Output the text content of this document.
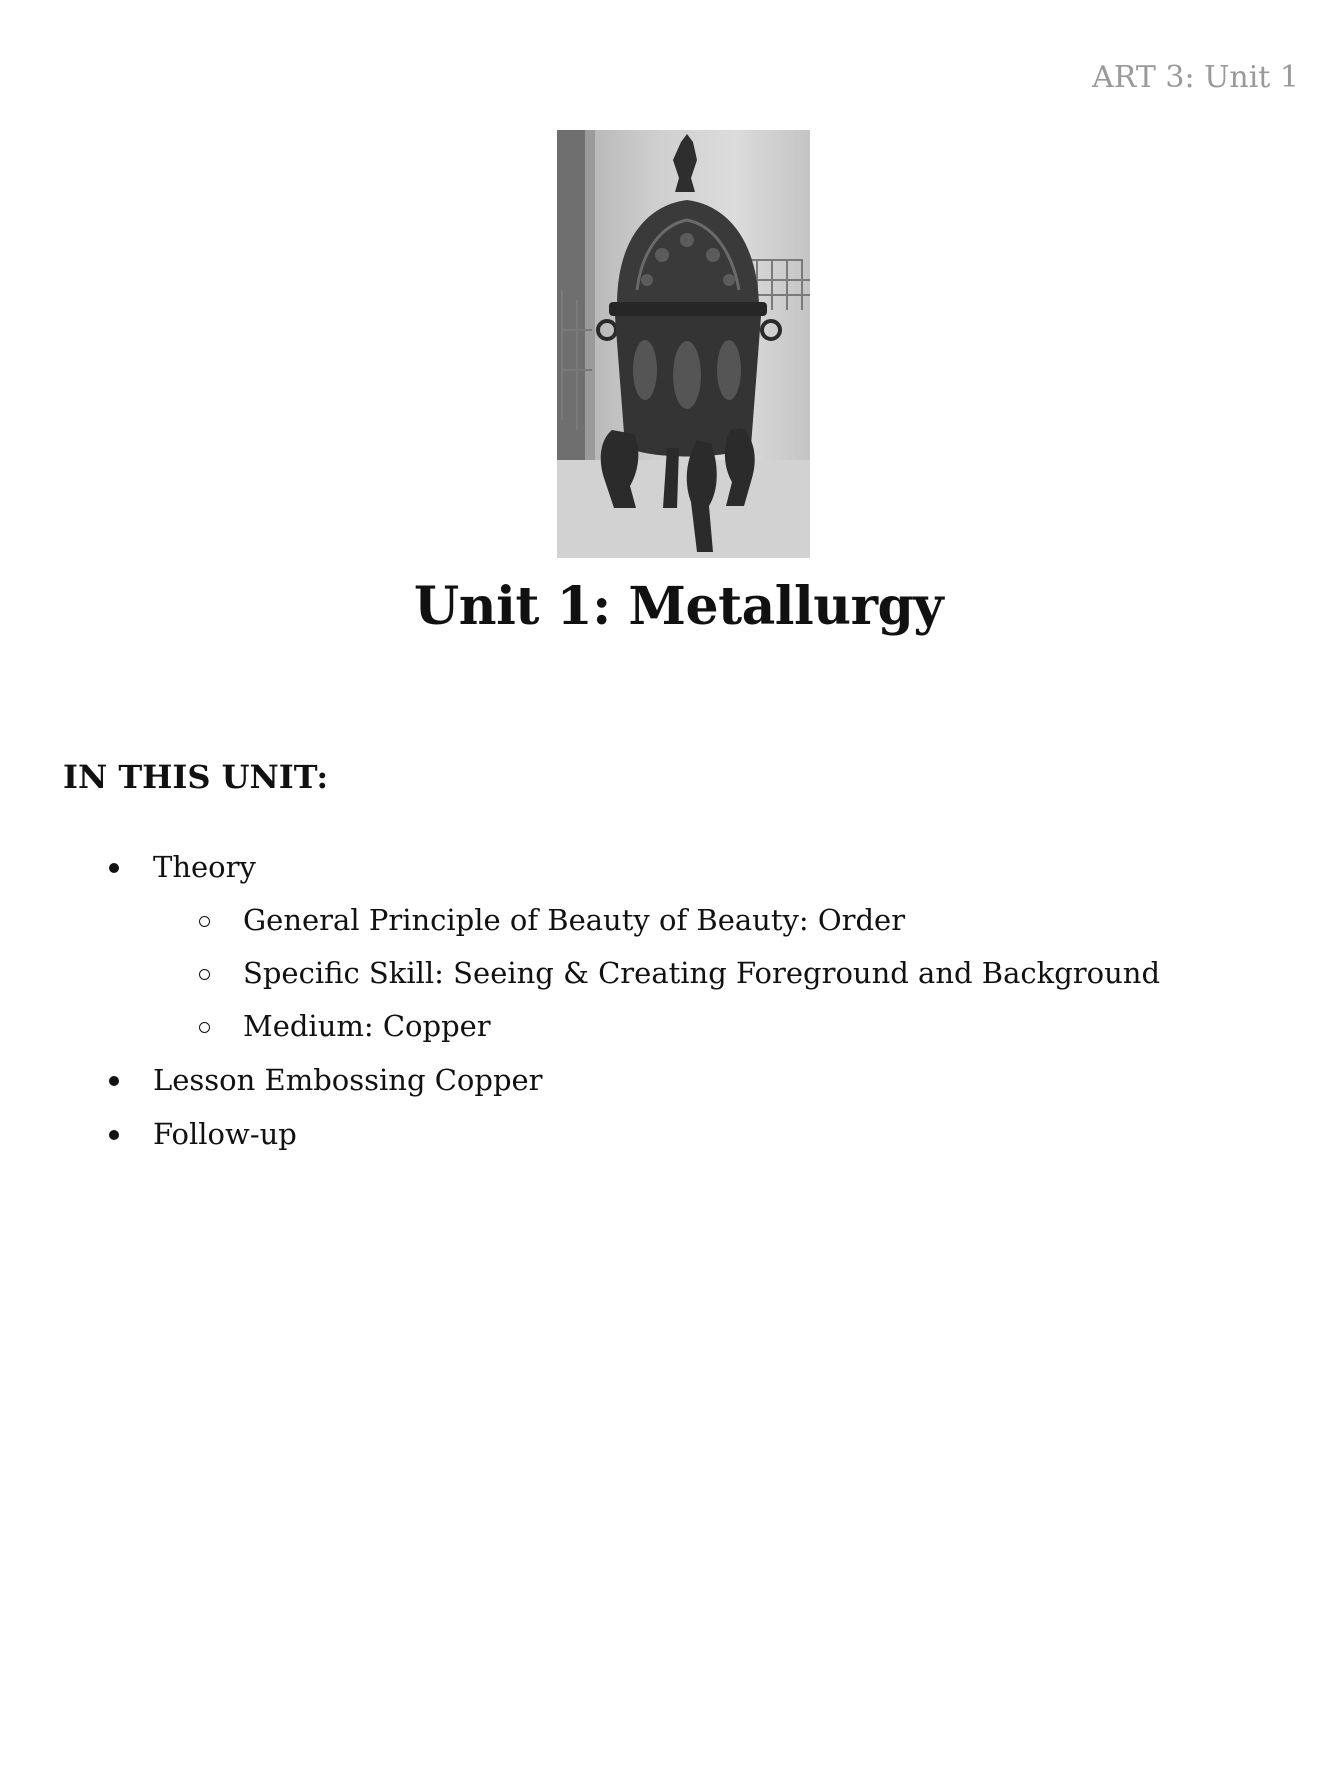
ART 3: Unit 1
Unit 1: Metallurgy
IN THIS UNIT:
Theory
General Principle of Beauty of Beauty: Order
Specific Skill: Seeing & Creating Foreground and Background
Medium: Copper
Lesson Embossing Copper
Follow-up
